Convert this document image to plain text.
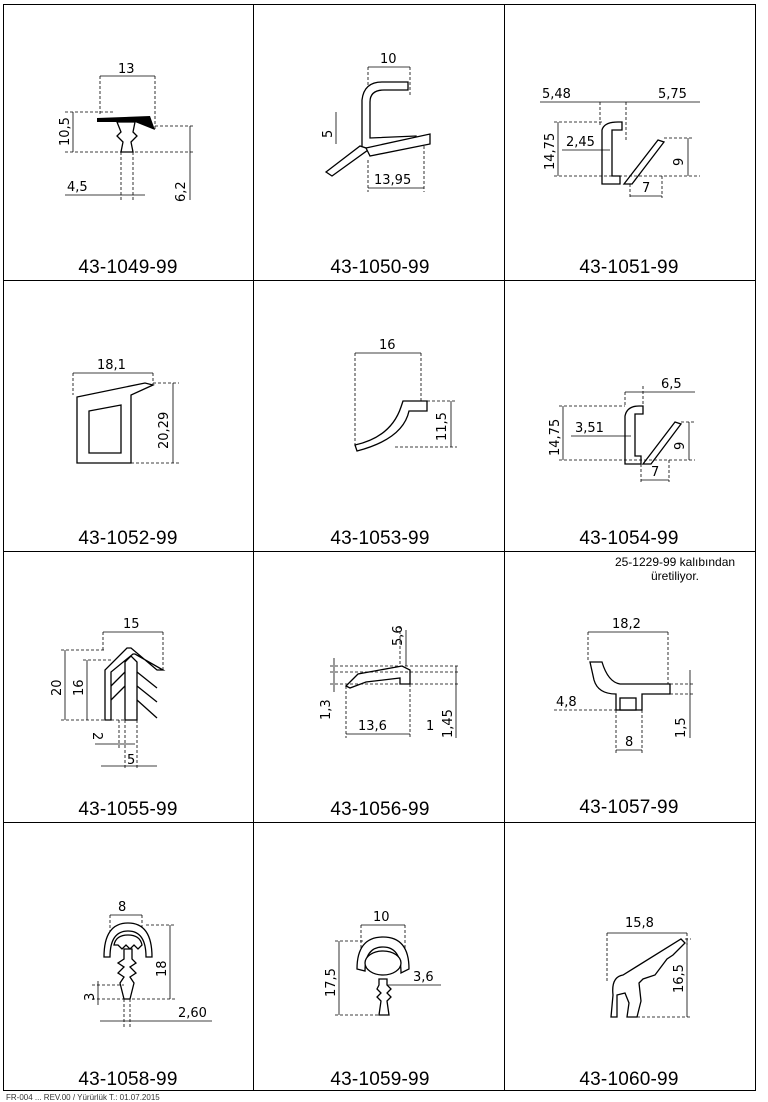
13
10,5
6,2
4,5
43-1049-99
10
5
13,95
43-1050-99
5,48	5,75
14,75 2,45
9
7
43-1051-99
18,1
20,29
43-1052-99
16
11,5
43-1053-99
6,5
14,75 3,51
9
7
43-1054-99
25-1229-99 kalıbından
üretiliyor.
15
20 16
2
5
43-1055-99
5,6
1,3
13,6	1 1,45
43-1056-99
18,2
4,8
8
1,5
43-1057-99
8
18
3
2,60
43-1058-99
10
17,5	3,6
43-1059-99
15,8
16,5
43-1060-99
FR-004 ... REV.00 / Yürürlük T.: 01.07.2015
